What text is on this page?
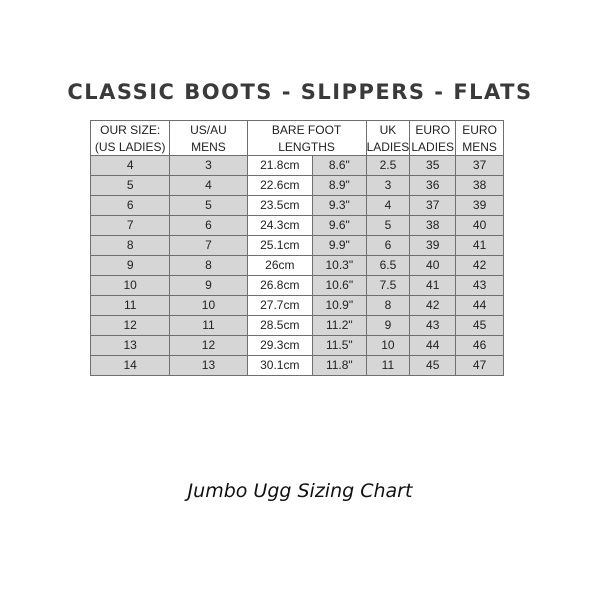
CLASSIC BOOTS - SLIPPERS - FLATS
OUR SIZE:	US/AU	BARE FOOT		UK	EURO	EURO
(US LADIES)	MENS	LENGTHS		LADIES	LADIES	MENS
4	3	21.8cm	8.6"	2.5	35	37
5	4	22.6cm	8.9"	3	36	38
6	5	23.5cm	9.3"	4	37	39
7	6	24.3cm	9.6"	5	38	40
8	7	25.1cm	9.9"	6	39	41
9	8	26cm	10.3"	6.5	40	42
10	9	26.8cm	10.6"	7.5	41	43
11	10	27.7cm	10.9"	8	42	44
12	11	28.5cm	11.2"	9	43	45
13	12	29.3cm	11.5"	10	44	46
14	13	30.1cm	11.8"	11	45	47
Jumbo Ugg Sizing Chart
